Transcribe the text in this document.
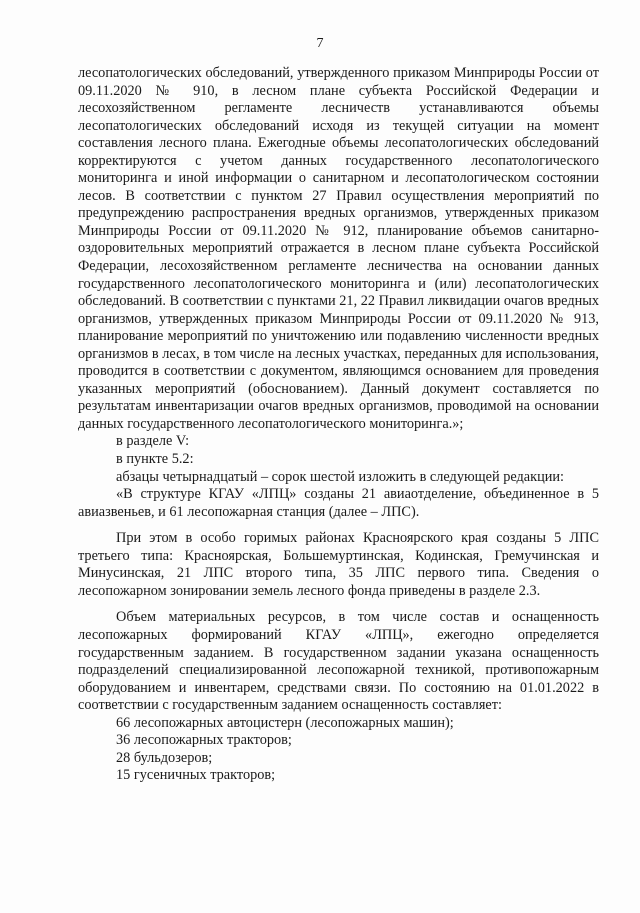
7

лесопатологических обследований, утвержденного приказом Минприроды России от 09.11.2020 № 910, в лесном плане субъекта Российской Федерации и лесохозяйственном регламенте лесничеств устанавливаются объемы лесопатологических обследований исходя из текущей ситуации на момент составления лесного плана. Ежегодные объемы лесопатологических обследований корректируются с учетом данных государственного лесопатологического мониторинга и иной информации о санитарном и лесопатологическом состоянии лесов. В соответствии с пунктом 27 Правил осуществления мероприятий по предупреждению распространения вредных организмов, утвержденных приказом Минприроды России от 09.11.2020 № 912, планирование объемов санитарно-оздоровительных мероприятий отражается в лесном плане субъекта Российской Федерации, лесохозяйственном регламенте лесничества на основании данных государственного лесопатологического мониторинга и (или) лесопатологических обследований. В соответствии с пунктами 21, 22 Правил ликвидации очагов вредных организмов, утвержденных приказом Минприроды России от 09.11.2020 № 913, планирование мероприятий по уничтожению или подавлению численности вредных организмов в лесах, в том числе на лесных участках, переданных для использования, проводится в соответствии с документом, являющимся основанием для проведения указанных мероприятий (обоснованием). Данный документ составляется по результатам инвентаризации очагов вредных организмов, проводимой на основании данных государственного лесопатологического мониторинга.»;

в разделе V:

в пункте 5.2:

абзацы четырнадцатый – сорок шестой изложить в следующей редакции:

«В структуре КГАУ «ЛПЦ» созданы 21 авиаотделение, объединенное в 5 авиазвеньев, и 61 лесопожарная станция (далее – ЛПС).

При этом в особо горимых районах Красноярского края созданы 5 ЛПС третьего типа: Красноярская, Большемуртинская, Кодинская, Гремучинская и Минусинская, 21 ЛПС второго типа, 35 ЛПС первого типа. Сведения о лесопожарном зонировании земель лесного фонда приведены в разделе 2.3.

Объем материальных ресурсов, в том числе состав и оснащенность лесопожарных формирований КГАУ «ЛПЦ», ежегодно определяется государственным заданием. В государственном задании указана оснащенность подразделений специализированной лесопожарной техникой, противопожарным оборудованием и инвентарем, средствами связи. По состоянию на 01.01.2022 в соответствии с государственным заданием оснащенность составляет:

66 лесопожарных автоцистерн (лесопожарных машин);

36 лесопожарных тракторов;

28 бульдозеров;

15 гусеничных тракторов;
